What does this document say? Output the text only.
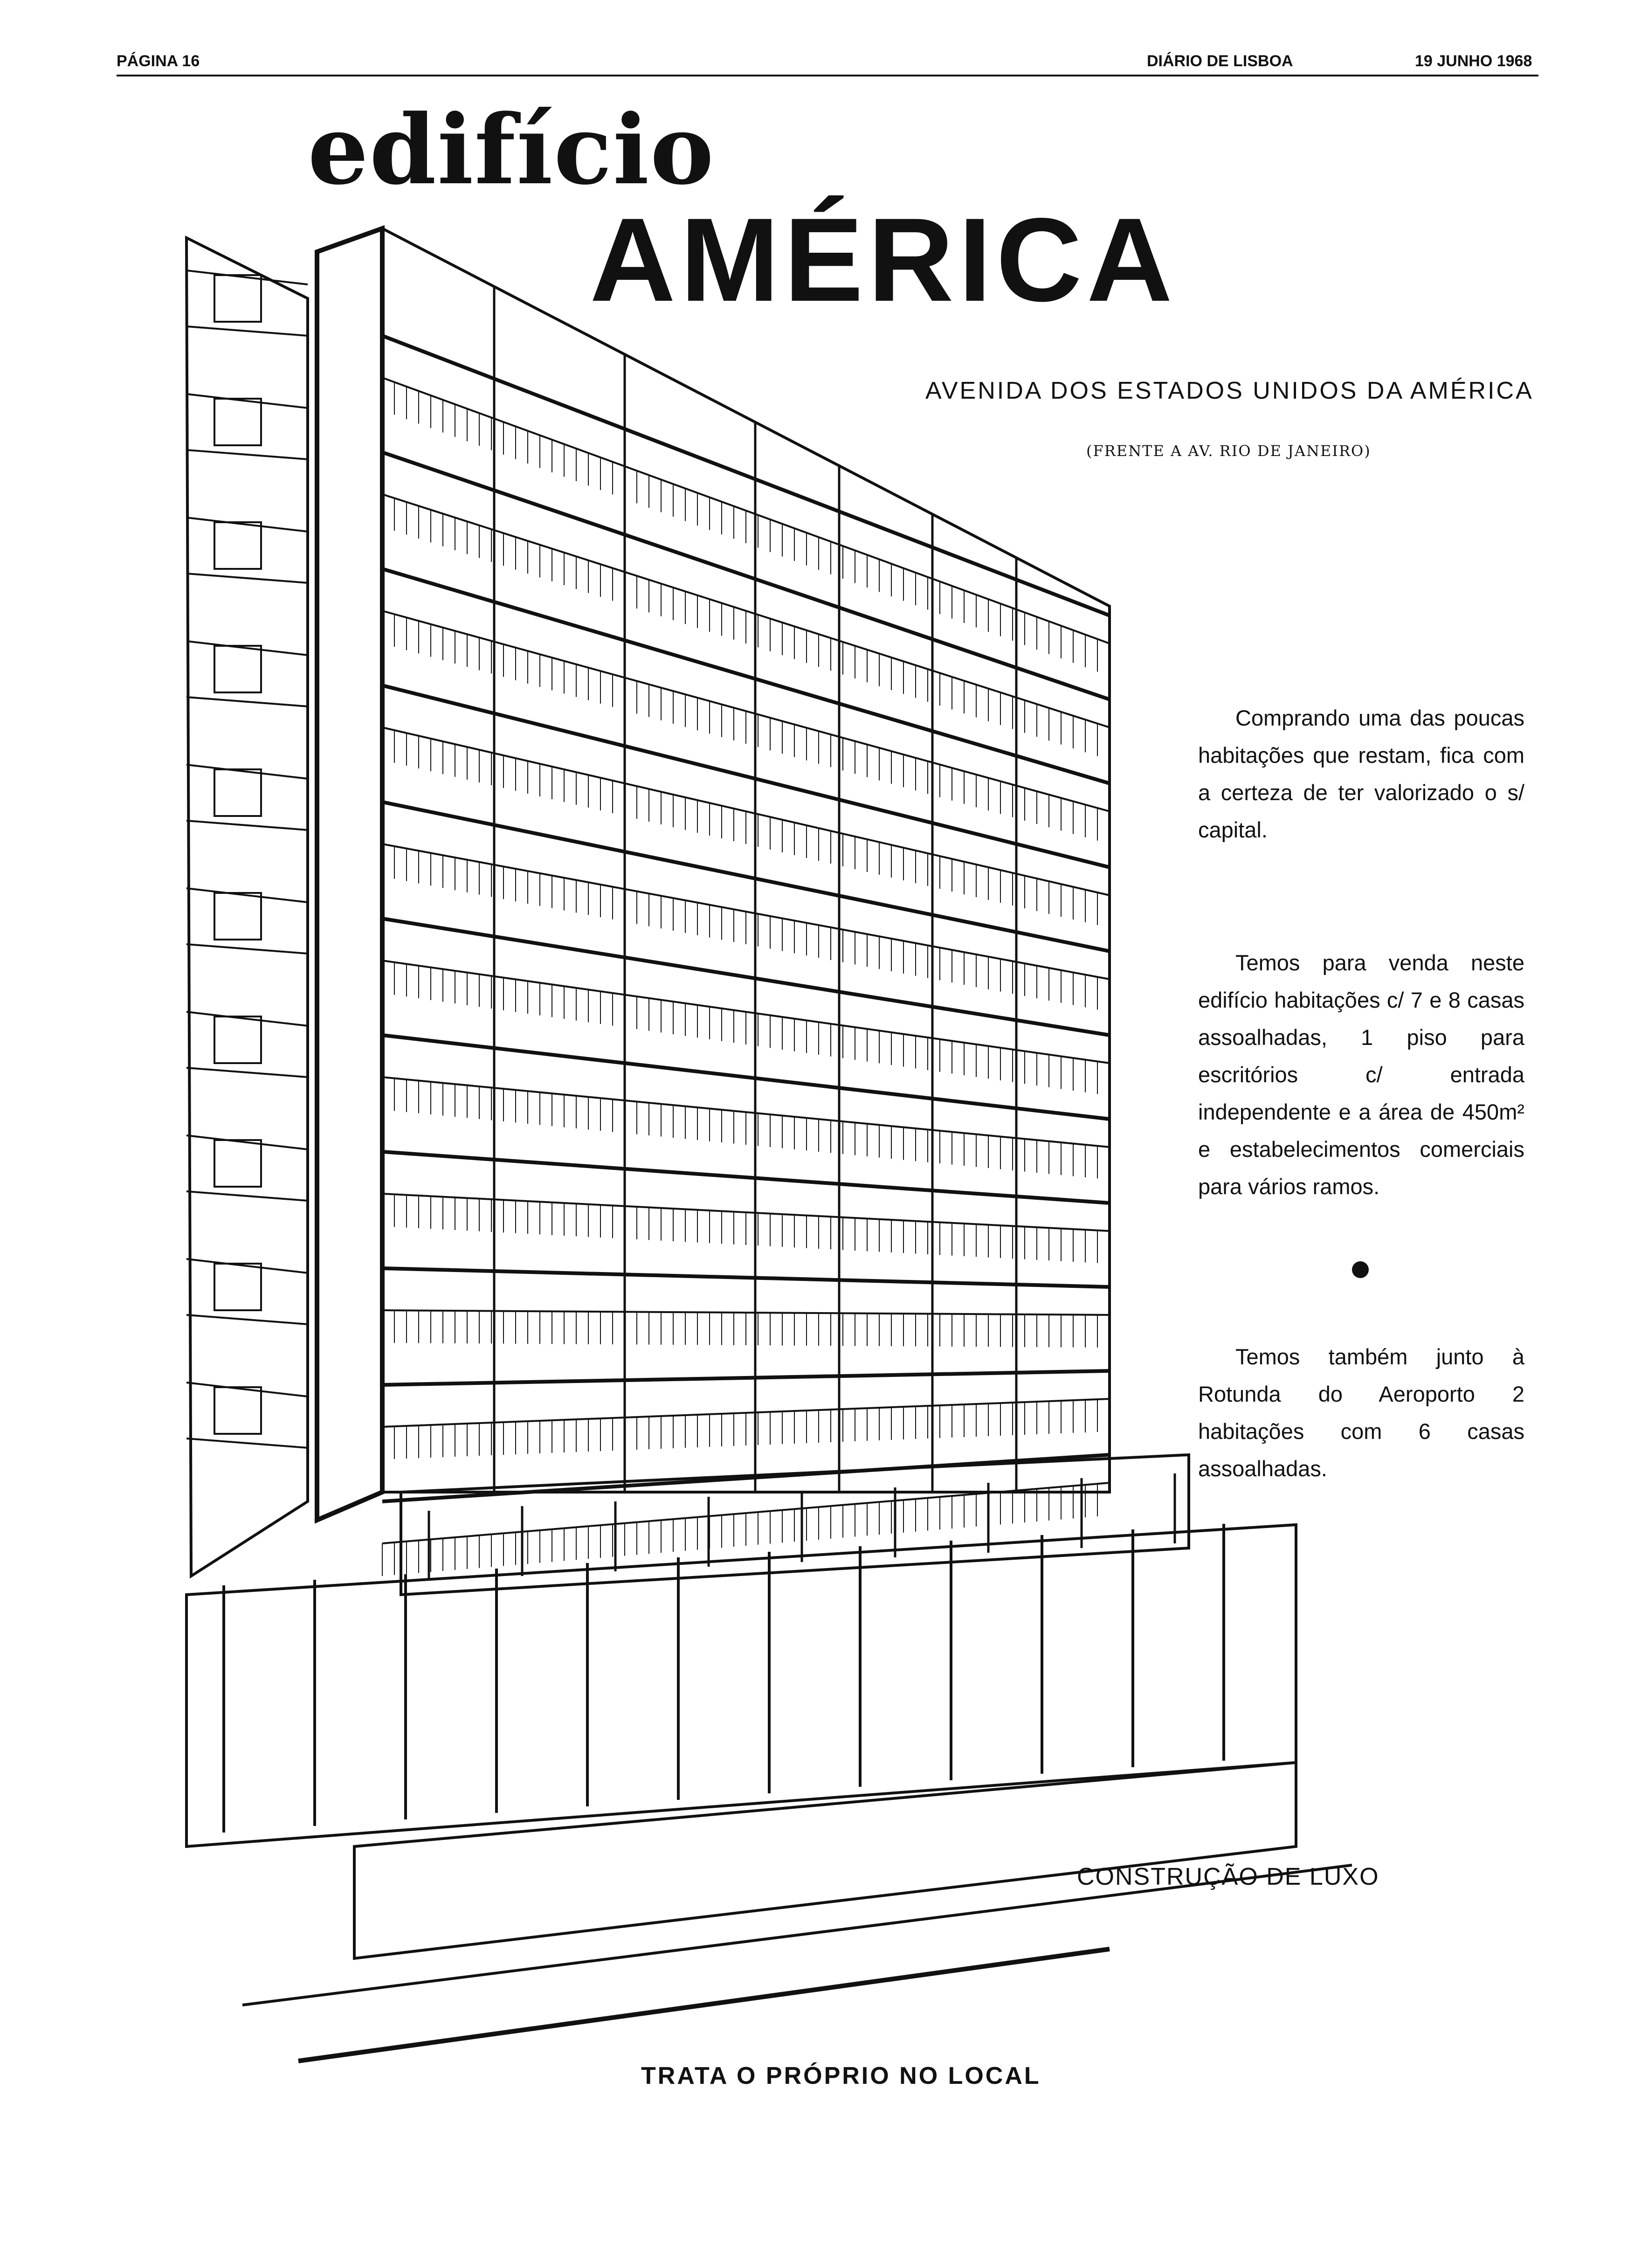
PÁGINA 16	DIÁRIO DE LISBOA	19 JUNHO 1968
edifício
AMÉRICA
AVENIDA DOS ESTADOS UNIDOS DA AMÉRICA
(FRENTE A AV. RIO DE JANEIRO)

Comprando uma das poucas habitações que restam, fica com a certeza de ter valorizado o s/ capital.

Temos para venda neste edifício habitações c/ 7 e 8 casas assoalhadas, 1 piso para escritórios c/ entrada independente e a área de 450m² e estabelecimentos comerciais para vários ramos.

Temos também junto à Rotunda do Aeroporto 2 habitações com 6 casas assoalhadas.

CONSTRUÇÃO DE LUXO
TRATA O PRÓPRIO NO LOCAL
